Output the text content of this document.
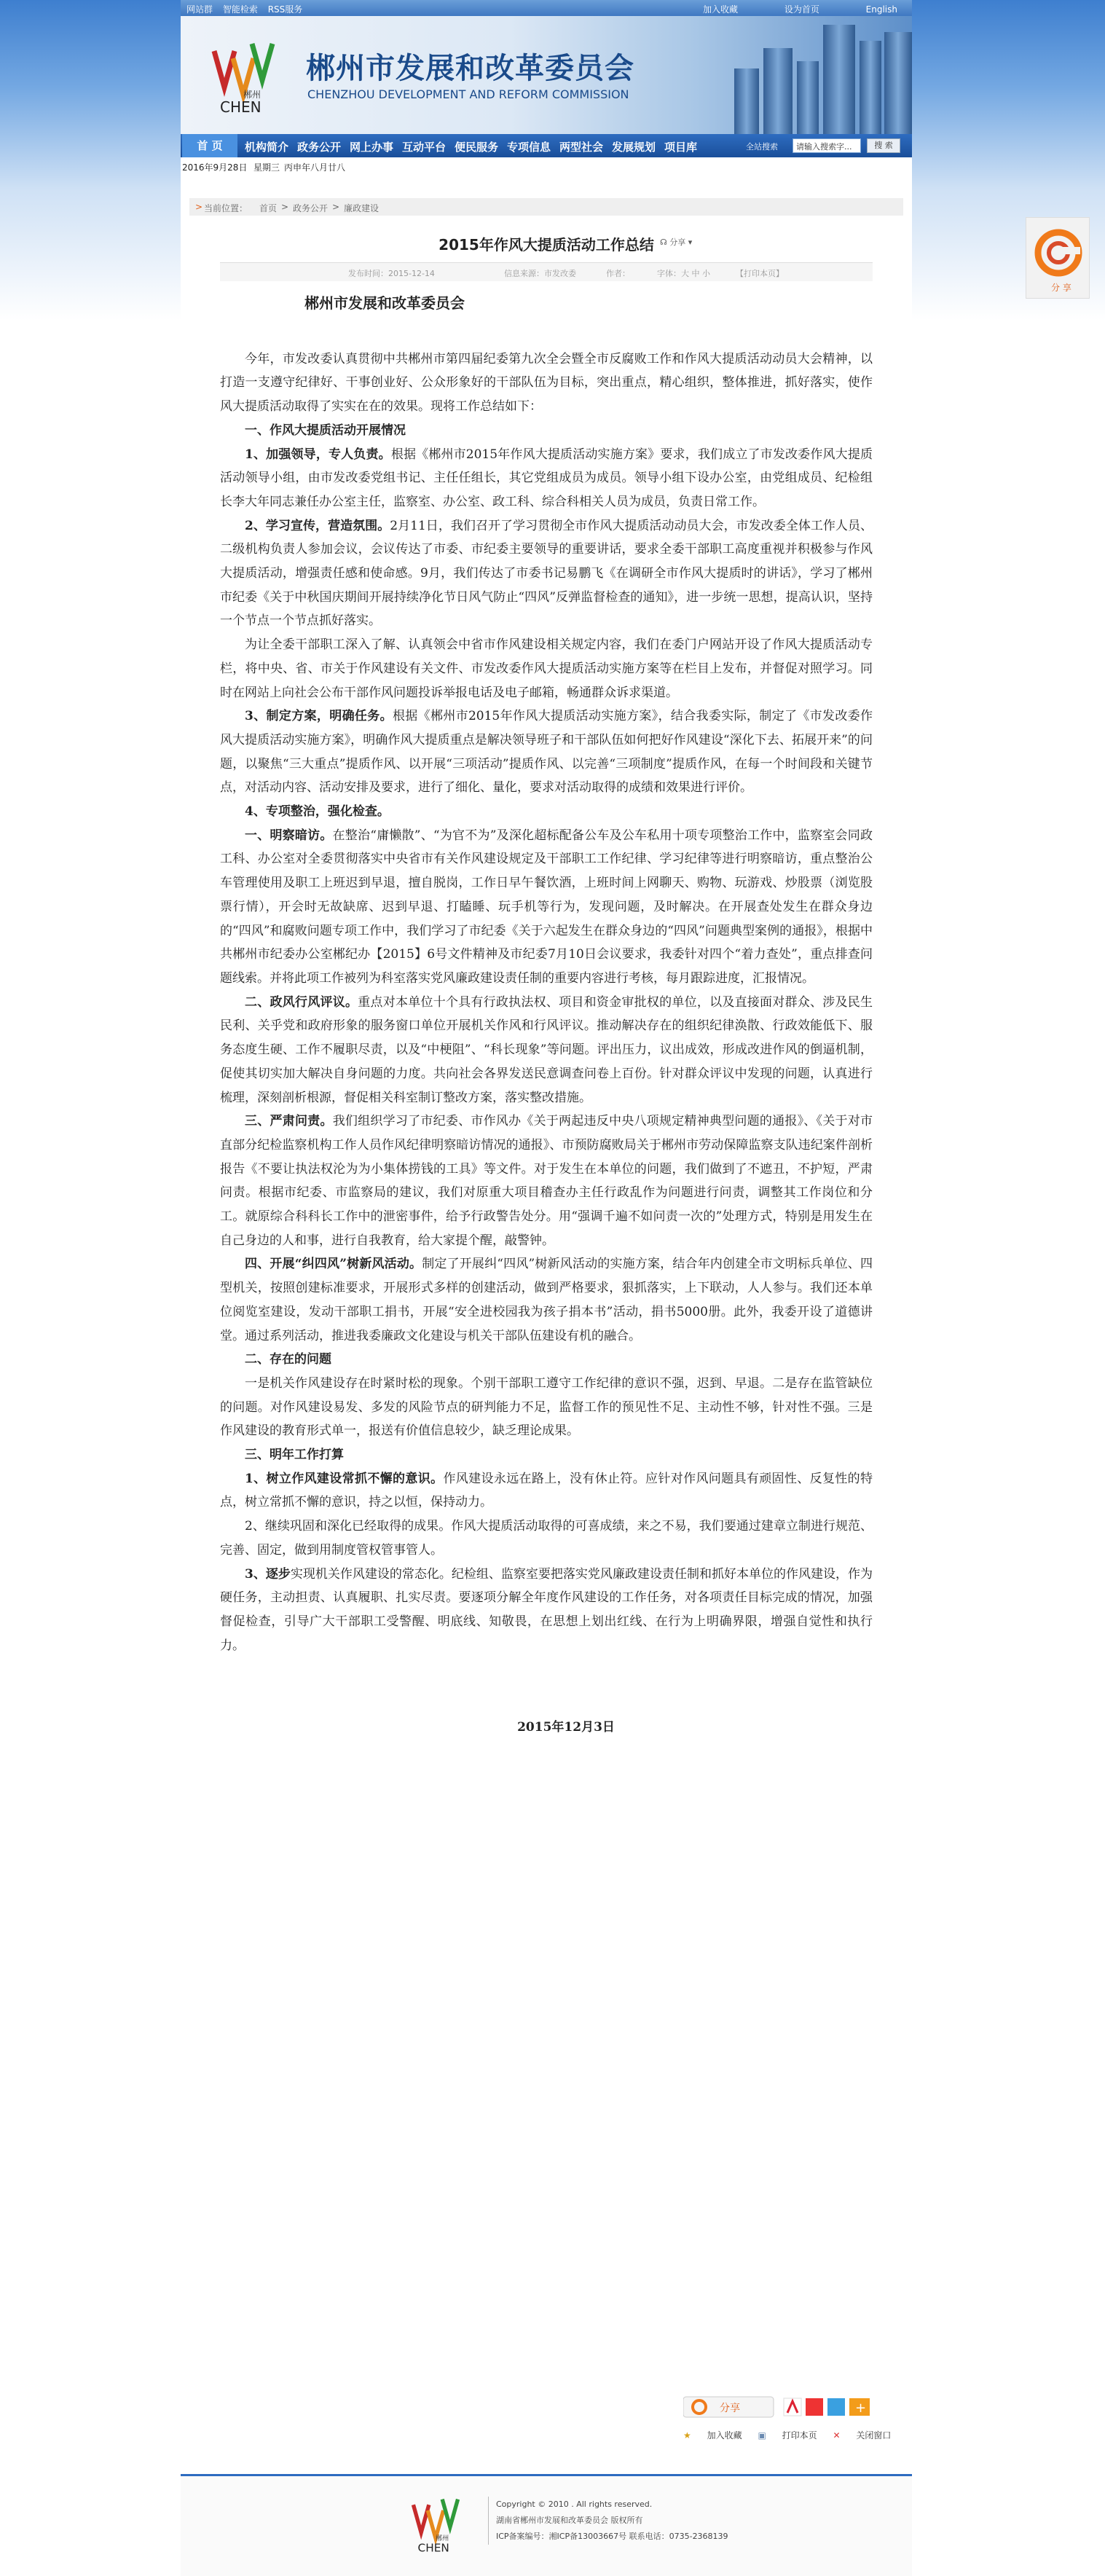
分 享
网站群 智能检索 RSS服务	加入收藏	设为首页	English
郴州
CHEN
郴州市发展和改革委员会
CHENZHOU DEVELOPMENT AND REFORM COMMISSION
首 页	机构简介 政务公开 网上办事 互动平台 便民服务 专项信息 两型社会 发展规划 项目库	全站搜索	请输入搜索字...	搜 索
2016年9月28日 星期三 丙申年八月廿八
> 当前位置： 首页 > 政务公开 > 廉政建设
2015年作风大提质活动工作总结 ☊ 分享 ▾
发布时间：2015-12-14	信息来源：市发改委	作者：	字体：大 中 小	【打印本页】

郴州市发展和改革委员会

今年，市发改委认真贯彻中共郴州市第四届纪委第九次全会暨全市反腐败工作和作风大提质活动动员大会精神，以打造一支遵守纪律好、干事创业好、公众形象好的干部队伍为目标，突出重点，精心组织，整体推进，抓好落实，使作风大提质活动取得了实实在在的效果。现将工作总结如下：

一、作风大提质活动开展情况

1、加强领导，专人负责。根据《郴州市2015年作风大提质活动实施方案》要求，我们成立了市发改委作风大提质活动领导小组，由市发改委党组书记、主任任组长，其它党组成员为成员。领导小组下设办公室，由党组成员、纪检组长李大年同志兼任办公室主任，监察室、办公室、政工科、综合科相关人员为成员，负责日常工作。

2、学习宣传，营造氛围。2月11日，我们召开了学习贯彻全市作风大提质活动动员大会，市发改委全体工作人员、二级机构负责人参加会议，会议传达了市委、市纪委主要领导的重要讲话，要求全委干部职工高度重视并积极参与作风大提质活动，增强责任感和使命感。9月，我们传达了市委书记易鹏飞《在调研全市作风大提质时的讲话》，学习了郴州市纪委《关于中秋国庆期间开展持续净化节日风气防止“四风”反弹监督检查的通知》，进一步统一思想，提高认识，坚持一个节点一个节点抓好落实。

为让全委干部职工深入了解、认真领会中省市作风建设相关规定内容，我们在委门户网站开设了作风大提质活动专栏，将中央、省、市关于作风建设有关文件、市发改委作风大提质活动实施方案等在栏目上发布，并督促对照学习。同时在网站上向社会公布干部作风问题投诉举报电话及电子邮箱，畅通群众诉求渠道。

3、制定方案，明确任务。根据《郴州市2015年作风大提质活动实施方案》，结合我委实际，制定了《市发改委作风大提质活动实施方案》，明确作风大提质重点是解决领导班子和干部队伍如何把好作风建设“深化下去、拓展开来”的问题，以聚焦“三大重点”提质作风、以开展“三项活动”提质作风、以完善“三项制度”提质作风，在每一个时间段和关键节点，对活动内容、活动安排及要求，进行了细化、量化，要求对活动取得的成绩和效果进行评价。

4、专项整治，强化检查。

一、明察暗访。在整治“庸懒散”、“为官不为”及深化超标配备公车及公车私用十项专项整治工作中，监察室会同政工科、办公室对全委贯彻落实中央省市有关作风建设规定及干部职工工作纪律、学习纪律等进行明察暗访，重点整治公车管理使用及职工上班迟到早退，擅自脱岗，工作日早午餐饮酒，上班时间上网聊天、购物、玩游戏、炒股票（浏览股票行情），开会时无故缺席、迟到早退、打瞌睡、玩手机等行为，发现问题，及时解决。在开展查处发生在群众身边的“四风”和腐败问题专项工作中，我们学习了市纪委《关于六起发生在群众身边的“四风”问题典型案例的通报》，根据中共郴州市纪委办公室郴纪办【2015】6号文件精神及市纪委7月10日会议要求，我委针对四个“着力查处”，重点排查问题线索。并将此项工作被列为科室落实党风廉政建设责任制的重要内容进行考核，每月跟踪进度，汇报情况。

二、政风行风评议。重点对本单位十个具有行政执法权、项目和资金审批权的单位，以及直接面对群众、涉及民生民利、关乎党和政府形象的服务窗口单位开展机关作风和行风评议。推动解决存在的组织纪律涣散、行政效能低下、服务态度生硬、工作不履职尽责，以及“中梗阻”、“科长现象”等问题。评出压力，议出成效，形成改进作风的倒逼机制，促使其切实加大解决自身问题的力度。共向社会各界发送民意调查问卷上百份。针对群众评议中发现的问题，认真进行梳理，深刻剖析根源，督促相关科室制订整改方案，落实整改措施。

三、严肃问责。我们组织学习了市纪委、市作风办《关于两起违反中央八项规定精神典型问题的通报》、《关于对市直部分纪检监察机构工作人员作风纪律明察暗访情况的通报》、市预防腐败局关于郴州市劳动保障监察支队违纪案件剖析报告《不要让执法权沦为为小集体捞钱的工具》等文件。对于发生在本单位的问题，我们做到了不遮丑，不护短，严肃问责。根据市纪委、市监察局的建议，我们对原重大项目稽查办主任行政乱作为问题进行问责，调整其工作岗位和分工。就原综合科科长工作中的泄密事件，给予行政警告处分。用“强调千遍不如问责一次的”处理方式，特别是用发生在自己身边的人和事，进行自我教育，给大家提个醒，敲警钟。

四、开展“纠四风”树新风活动。制定了开展纠“四风”树新风活动的实施方案，结合年内创建全市文明标兵单位、四型机关，按照创建标准要求，开展形式多样的创建活动，做到严格要求，狠抓落实，上下联动，人人参与。我们还本单位阅览室建设，发动干部职工捐书，开展“安全进校园我为孩子捐本书”活动，捐书5000册。此外，我委开设了道德讲堂。通过系列活动，推进我委廉政文化建设与机关干部队伍建设有机的融合。

二、存在的问题

一是机关作风建设存在时紧时松的现象。个别干部职工遵守工作纪律的意识不强，迟到、早退。二是存在监管缺位的问题。对作风建设易发、多发的风险节点的研判能力不足，监督工作的预见性不足、主动性不够，针对性不强。三是作风建设的教育形式单一，报送有价值信息较少，缺乏理论成果。

三、明年工作打算

1、树立作风建设常抓不懈的意识。作风建设永远在路上，没有休止符。应针对作风问题具有顽固性、反复性的特点，树立常抓不懈的意识，持之以恒，保持动力。

2、继续巩固和深化已经取得的成果。作风大提质活动取得的可喜成绩，来之不易，我们要通过建章立制进行规范、完善、固定，做到用制度管权管事管人。

3、逐步实现机关作风建设的常态化。纪检组、监察室要把落实党风廉政建设责任制和抓好本单位的作风建设，作为硬任务，主动担责、认真履职、扎实尽责。要逐项分解全年度作风建设的工作任务，对各项责任目标完成的情况，加强督促检查，引导广大干部职工受警醒、明底线、知敬畏，在思想上划出红线、在行为上明确界限，增强自觉性和执行力。

2015年12月3日

分享	+
★ 加入收藏 ▣ 打印本页 ✕ 关闭窗口
郴州
CHEN
Copyright © 2010 . All rights reserved.
湖南省郴州市发展和改革委员会 版权所有
ICP备案编号：湘ICP备13003667号 联系电话：0735-2368139
